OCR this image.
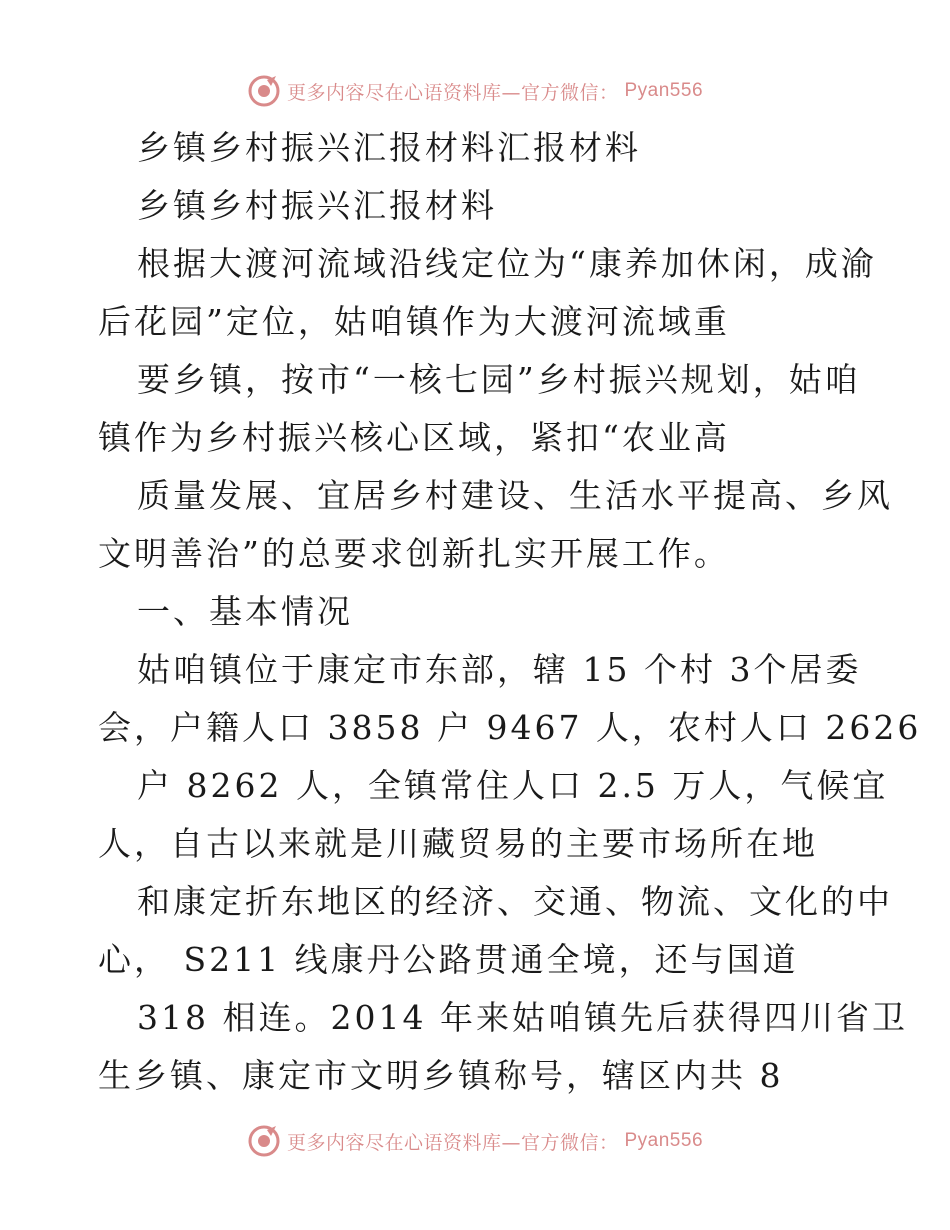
更多内容尽在心语资料库—官方微信： Pyan556
乡镇乡村振兴汇报材料汇报材料
乡镇乡村振兴汇报材料
根据大渡河流域沿线定位为“康养加休闲，成渝
后花园”定位，姑咱镇作为大渡河流域重
要乡镇，按市“一核七园”乡村振兴规划，姑咱
镇作为乡村振兴核心区域，紧扣“农业高
质量发展、宜居乡村建设、生活水平提高、乡风
文明善治”的总要求创新扎实开展工作。
一、基本情况
姑咱镇位于康定市东部，辖 15 个村 3个居委
会，户籍人口 3858 户 9467 人，农村人口 2626
户 8262 人，全镇常住人口 2.5 万人，气候宜
人，自古以来就是川藏贸易的主要市场所在地
和康定折东地区的经济、交通、物流、文化的中
心， S211 线康丹公路贯通全境，还与国道
318 相连。2014 年来姑咱镇先后获得四川省卫
生乡镇、康定市文明乡镇称号，辖区内共 8
更多内容尽在心语资料库—官方微信： Pyan556
